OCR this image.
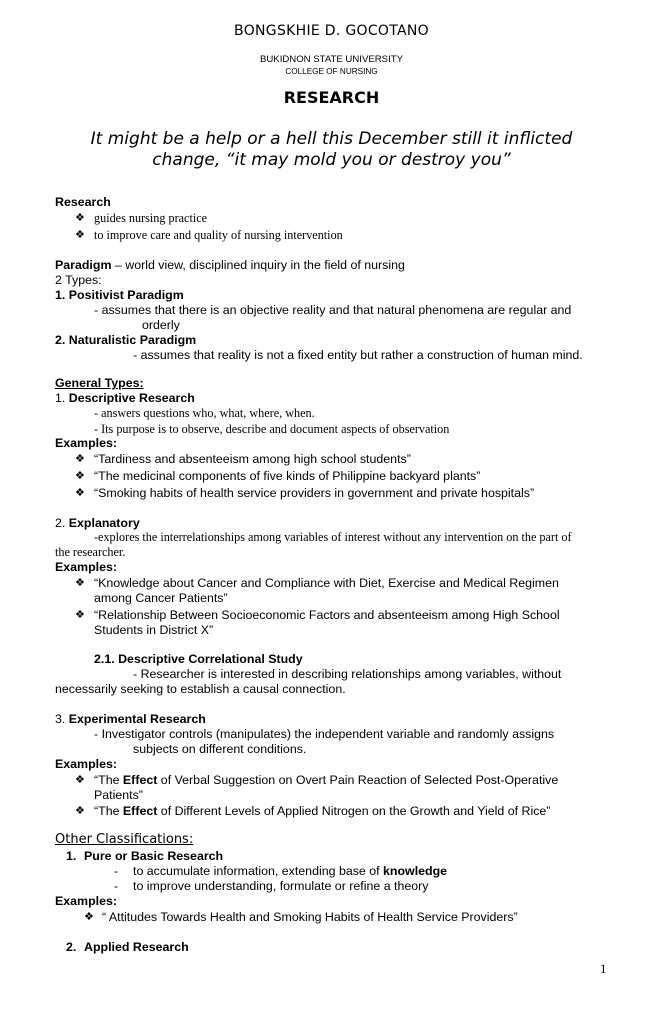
BONGSKHIE D. GOCOTANO
BUKIDNON STATE UNIVERSITY
COLLEGE OF NURSING
RESEARCH
It might be a help or a hell this December still it inflicted
change, “it may mold you or destroy you”
Research
❖ guides nursing practice
❖ to improve care and quality of nursing intervention
Paradigm – world view, disciplined inquiry in the field of nursing
2 Types:
1. Positivist Paradigm
- assumes that there is an objective reality and that natural phenomena are regular and
orderly
2. Naturalistic Paradigm
- assumes that reality is not a fixed entity but rather a construction of human mind.
General Types:
1. Descriptive Research
- answers questions who, what, where, when.
- Its purpose is to observe, describe and document aspects of observation
Examples:
❖ “Tardiness and absenteeism among high school students”
❖ “The medicinal components of five kinds of Philippine backyard plants”
❖ “Smoking habits of health service providers in government and private hospitals”
2. Explanatory
-explores the interrelationships among variables of interest without any intervention on the part of
the researcher.
Examples:
❖ “Knowledge about Cancer and Compliance with Diet, Exercise and Medical Regimen
among Cancer Patients”
❖ “Relationship Between Socioeconomic Factors and absenteeism among High School
Students in District X”
2.1. Descriptive Correlational Study
- Researcher is interested in describing relationships among variables, without
necessarily seeking to establish a causal connection.
3. Experimental Research
- Investigator controls (manipulates) the independent variable and randomly assigns
subjects on different conditions.
Examples:
❖ “The Effect of Verbal Suggestion on Overt Pain Reaction of Selected Post-Operative
Patients”
❖ “The Effect of Different Levels of Applied Nitrogen on the Growth and Yield of Rice”
Other Classifications:
1. Pure or Basic Research
- to accumulate information, extending base of knowledge
- to improve understanding, formulate or refine a theory
Examples:
❖ “ Attitudes Towards Health and Smoking Habits of Health Service Providers”
2. Applied Research
1
